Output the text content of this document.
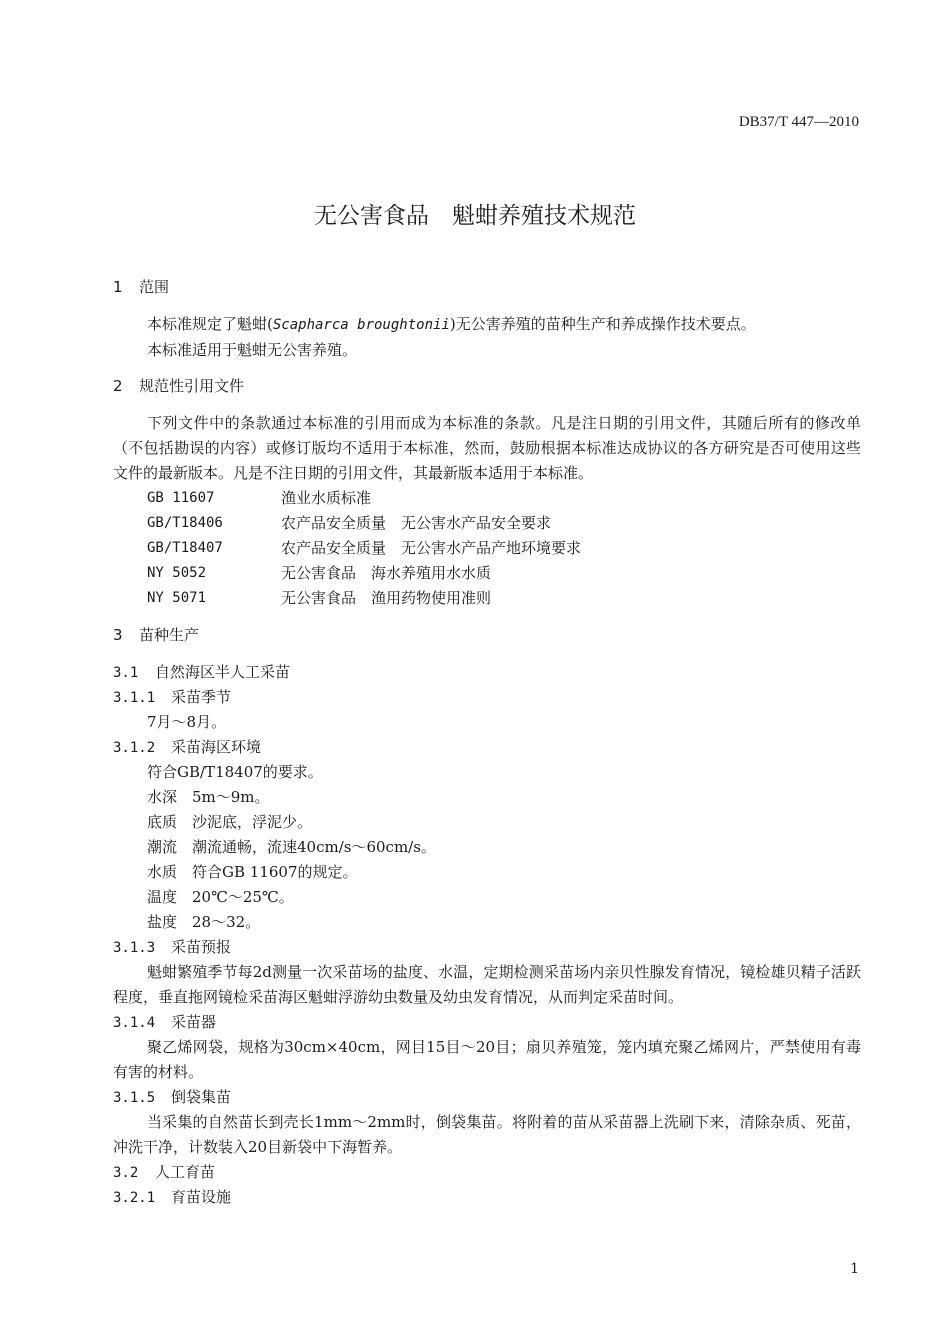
DB37/T 447—2010
无公害食品　魁蚶养殖技术规范
1 范围

本标准规定了魁蚶(Scapharca broughtonii)无公害养殖的苗种生产和养成操作技术要点。

本标准适用于魁蚶无公害养殖。

2 规范性引用文件

下列文件中的条款通过本标准的引用而成为本标准的条款。凡是注日期的引用文件，其随后所有的修改单（不包括勘误的内容）或修订版均不适用于本标准，然而，鼓励根据本标准达成协议的各方研究是否可使用这些文件的最新版本。凡是不注日期的引用文件，其最新版本适用于本标准。

GB 11607	渔业水质标准
GB/T18406	农产品安全质量　无公害水产品安全要求
GB/T18407	农产品安全质量　无公害水产品产地环境要求
NY 5052	无公害食品　海水养殖用水水质
NY 5071	无公害食品　渔用药物使用准则
3 苗种生产
3.1 自然海区半人工采苗
3.1.1 采苗季节
7月～8月。
3.1.2 采苗海区环境
符合GB/T18407的要求。
水深　5m～9m。
底质　沙泥底，浮泥少。
潮流　潮流通畅，流速40cm/s～60cm/s。
水质　符合GB 11607的规定。
温度　20℃～25℃。
盐度　28～32。
3.1.3 采苗预报

魁蚶繁殖季节每2d测量一次采苗场的盐度、水温，定期检测采苗场内亲贝性腺发育情况，镜检雄贝精子活跃程度，垂直拖网镜检采苗海区魁蚶浮游幼虫数量及幼虫发育情况，从而判定采苗时间。

3.1.4 采苗器

聚乙烯网袋，规格为30cm×40cm，网目15目～20目；扇贝养殖笼，笼内填充聚乙烯网片，严禁使用有毒有害的材料。

3.1.5 倒袋集苗

当采集的自然苗长到壳长1mm～2mm时，倒袋集苗。将附着的苗从采苗器上洗刷下来，清除杂质、死苗，冲洗干净，计数装入20目新袋中下海暂养。

3.2 人工育苗
3.2.1 育苗设施
1
